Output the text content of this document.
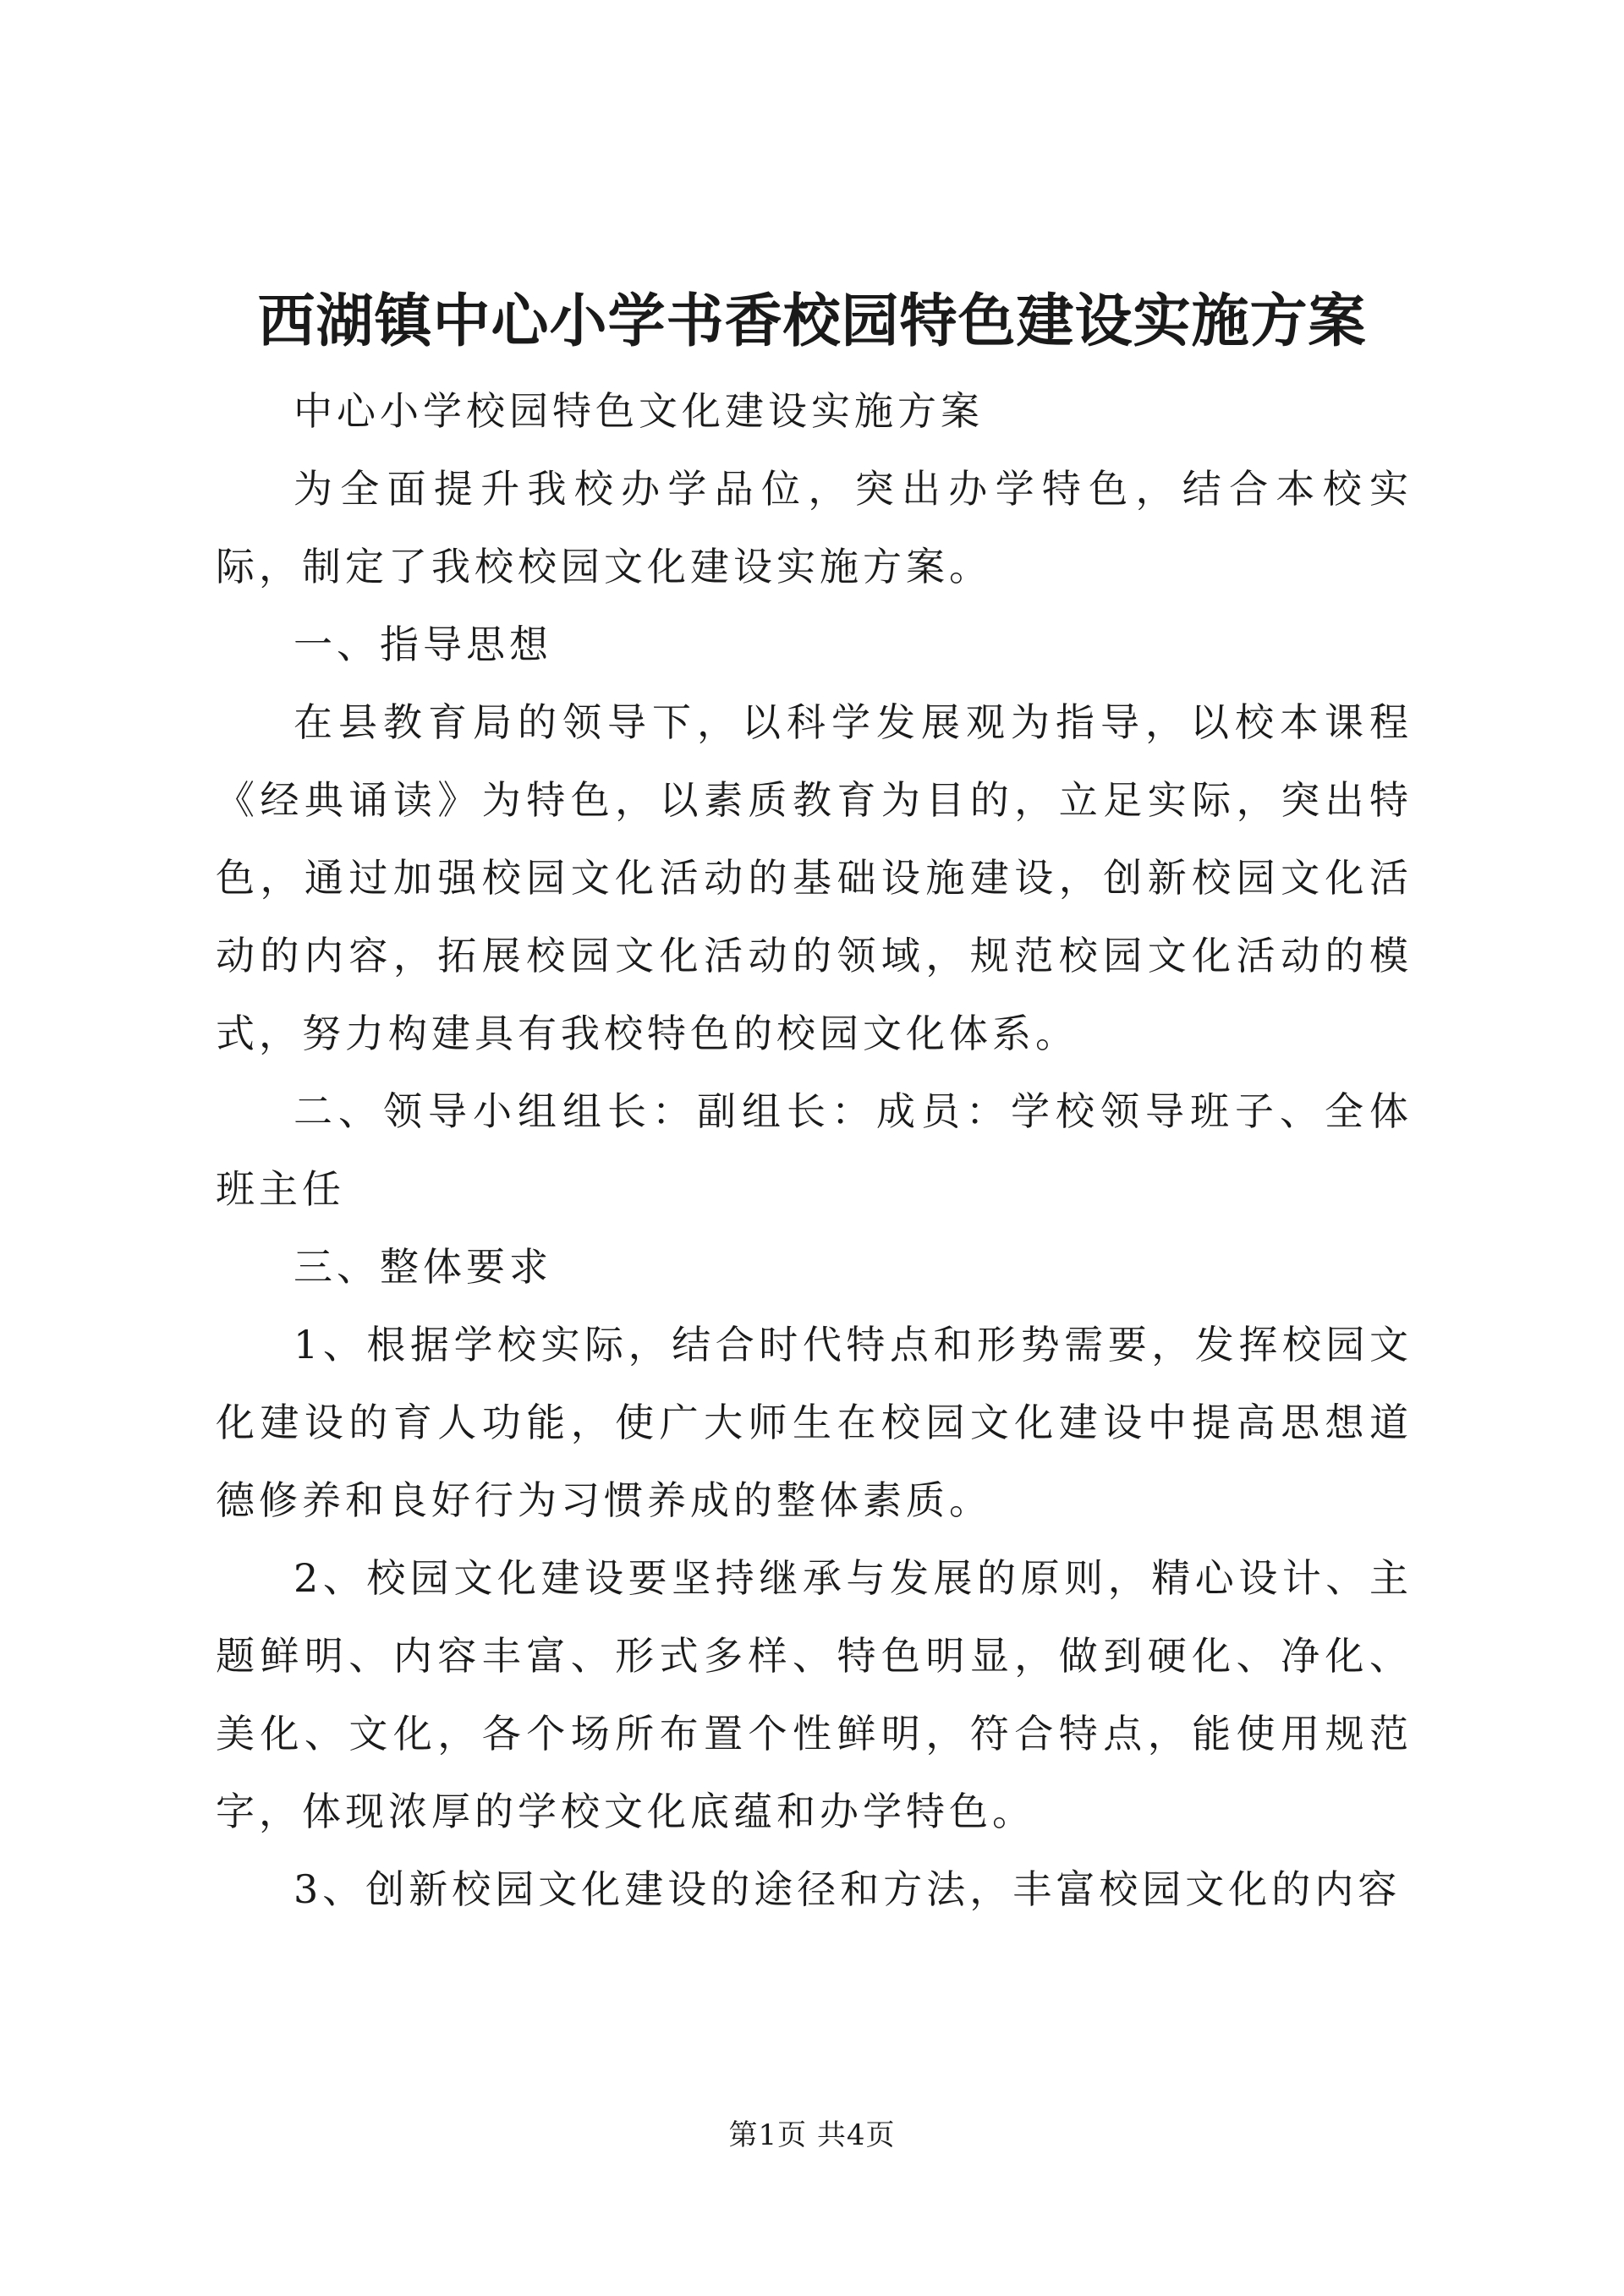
西湖镇中心小学书香校园特色建设实施方案

中心小学校园特色文化建设实施方案

为全面提升我校办学品位，突出办学特色，结合本校实际，制定了我校校园文化建设实施方案。

一、指导思想

在县教育局的领导下，以科学发展观为指导，以校本课程《经典诵读》为特色，以素质教育为目的，立足实际，突出特色，通过加强校园文化活动的基础设施建设，创新校园文化活动的内容，拓展校园文化活动的领域，规范校园文化活动的模式，努力构建具有我校特色的校园文化体系。

二、领导小组组长：副组长：成员：学校领导班子、全体班主任

三、整体要求

1、根据学校实际，结合时代特点和形势需要，发挥校园文化建设的育人功能，使广大师生在校园文化建设中提高思想道德修养和良好行为习惯养成的整体素质。

2、校园文化建设要坚持继承与发展的原则，精心设计、主题鲜明、内容丰富、形式多样、特色明显，做到硬化、净化、美化、文化，各个场所布置个性鲜明，符合特点，能使用规范字，体现浓厚的学校文化底蕴和办学特色。

3、创新校园文化建设的途径和方法，丰富校园文化的内容

第1页 共4页
